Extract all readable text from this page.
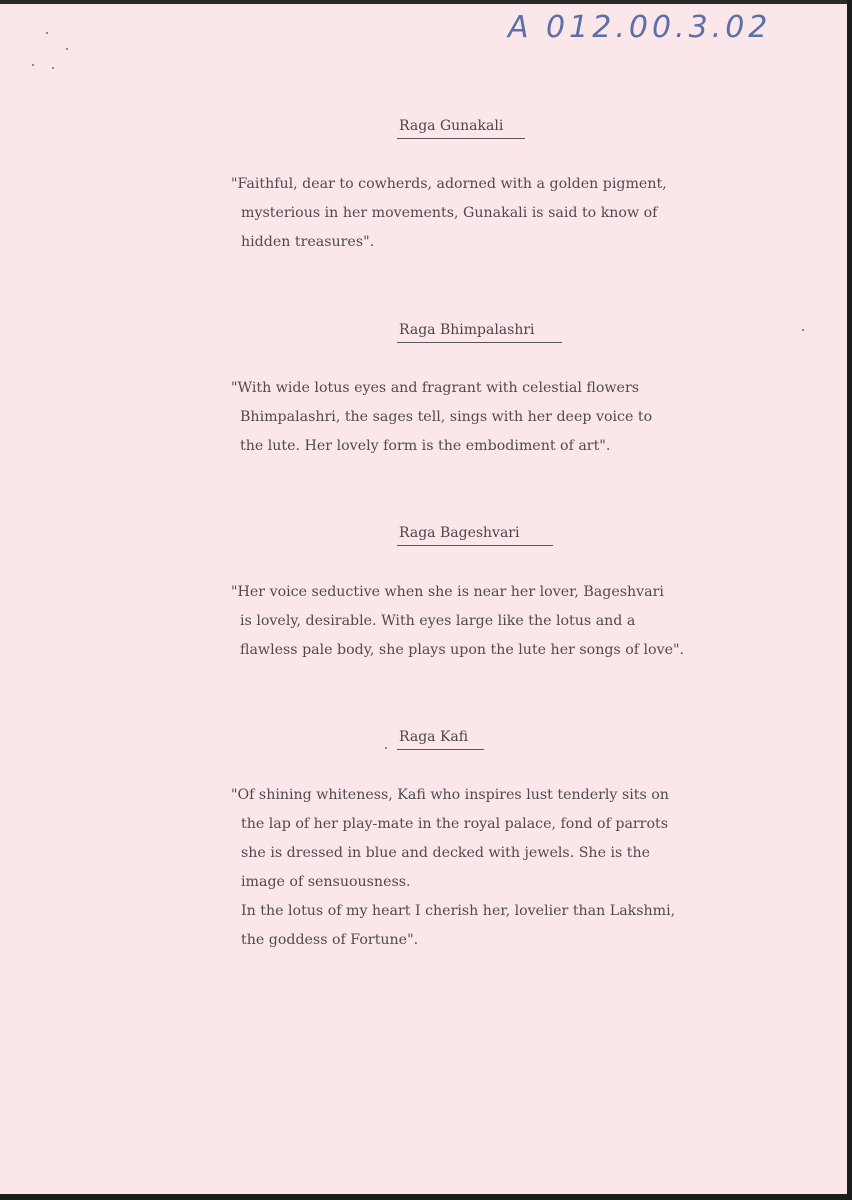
A 012.00.3.02
Raga Gunakali
"Faithful, dear to cowherds, adorned with a golden pigment,
mysterious in her movements, Gunakali is said to know of
hidden treasures".
Raga Bhimpalashri
"With wide lotus eyes and fragrant with celestial flowers
Bhimpalashri, the sages tell, sings with her deep voice to
the lute. Her lovely form is the embodiment of art".
Raga Bageshvari
"Her voice seductive when she is near her lover, Bageshvari
is lovely, desirable. With eyes large like the lotus and a
flawless pale body, she plays upon the lute her songs of love".
Raga Kafi
"Of shining whiteness, Kafi who inspires lust tenderly sits on
the lap of her play-mate in the royal palace, fond of parrots
she is dressed in blue and decked with jewels. She is the
image of sensuousness.
In the lotus of my heart I cherish her, lovelier than Lakshmi,
the goddess of Fortune".
